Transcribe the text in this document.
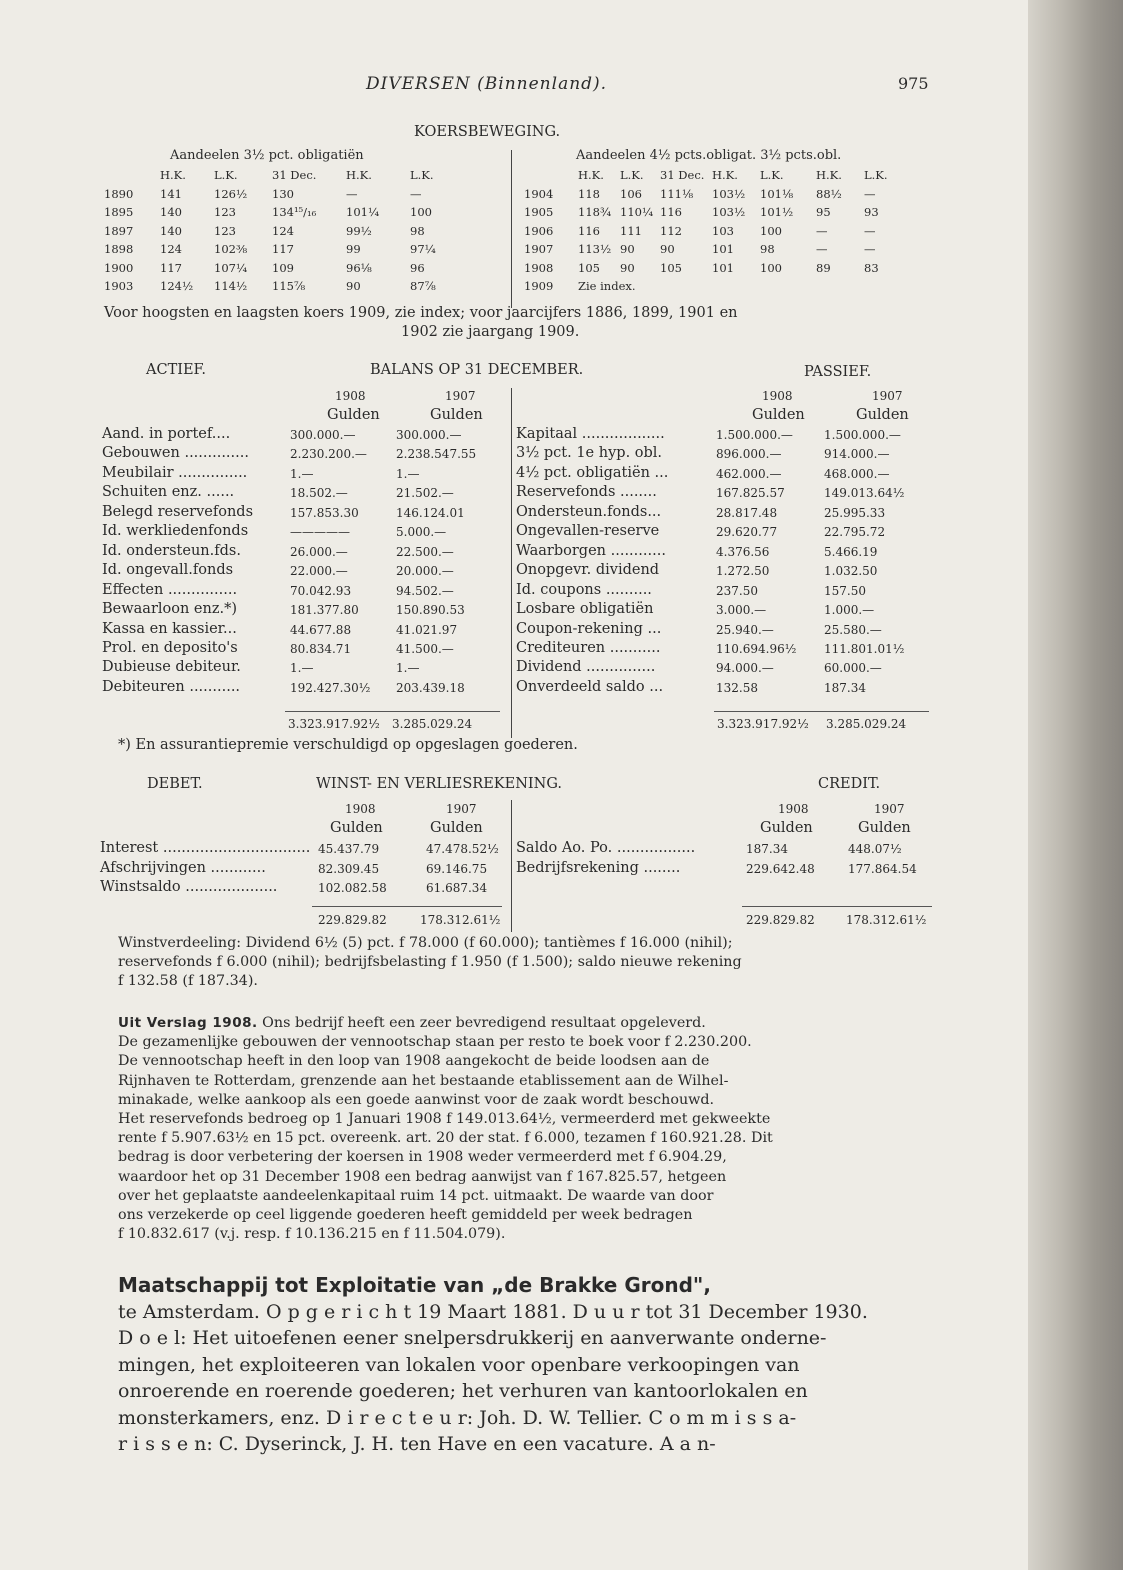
DIVERSEN (Binnenland).	975
KOERSBEWEGING.
Aandeelen 3½ pct. obligatiën	Aandeelen 4½ pcts.obligat. 3½ pcts.obl.
	H.K.	L.K.	31 Dec.	H.K.	L.K.
1890	141	126½	130	—	—
1895	140	123	134¹⁵/₁₆	101¼	100
1897	140	123	124	99½	98
1898	124	102⅜	117	99	97¼
1900	117	107¼	109	96⅛	96
1903	124½	114½	115⅞	90	87⅞
	H.K.	L.K.	31 Dec.	H.K.	L.K.	H.K.	L.K.	
1904	118	106	111⅛	103½	101⅛	88½	—	
1905	118¾	110¼	116	103½	101½	95	93	
1906	116	111	112	103	100	—	—	
1907	113½	90	90	101	98	—	—	
1908	105	90	105	101	100	89	83	
1909	Zie index.							
Voor hoogsten en laagsten koers 1909, zie index; voor jaarcijfers 1886, 1899, 1901 en
1902 zie jaargang 1909.
ACTIEF.	BALANS OP 31 DECEMBER.	PASSIEF.
1908	1907
Gulden	Gulden
1908	1907
Gulden	Gulden
Aand. in portef....	300.000.—	300.000.—
Gebouwen ..............	2.230.200.— 2.238.547.55
Meubilair ...............	1.—	1.—
Schuiten enz. ......	18.502.—	21.502.—
Belegd reservefonds	157.853.30	146.124.01
Id. werkliedenfonds	—————	5.000.—
Id. ondersteun.fds.	26.000.—	22.500.—
Id. ongevall.fonds	22.000.—	20.000.—
Effecten ...............	70.042.93	94.502.—
Bewaarloon enz.*)	181.377.80	150.890.53
Kassa en kassier...	44.677.88	41.021.97
Prol. en deposito's	80.834.71	41.500.—
Dubieuse debiteur.	1.—	1.—
Debiteuren ...........	192.427.30½ 203.439.18
Kapitaal ..................	1.500.000.—	1.500.000.—
3½ pct. 1e hyp. obl.	896.000.—	914.000.—
4½ pct. obligatiën ...	462.000.—	468.000.—
Reservefonds ........	167.825.57	149.013.64½
Ondersteun.fonds...	28.817.48	25.995.33
Ongevallen-reserve	29.620.77	22.795.72
Waarborgen ............	4.376.56	5.466.19
Onopgevr. dividend	1.272.50	1.032.50
Id. coupons ..........	237.50	157.50
Losbare obligatiën	3.000.—	1.000.—
Coupon-rekening ...	25.940.—	25.580.—
Crediteuren ...........	110.694.96½ 111.801.01½
Dividend ...............	94.000.—	60.000.—
Onverdeeld saldo ...	132.58	187.34
3.323.917.92½ 3.285.029.24	3.323.917.92½ 3.285.029.24
*) En assurantiepremie verschuldigd op opgeslagen goederen.
DEBET.	WINST- EN VERLIESREKENING.	CREDIT.
1908	1907
Gulden	Gulden
1908	1907
Gulden	Gulden
Interest ................................ 45.437.79	47.478.52½
Afschrijvingen ............	82.309.45	69.146.75
Winstsaldo ....................	102.082.58	61.687.34
Saldo Ao. Po. .................	187.34	448.07½
Bedrijfsrekening ........	229.642.48	177.864.54
229.829.82	178.312.61½	229.829.82	178.312.61½

Winstverdeeling: Dividend 6½ (5) pct. f 78.000 (f 60.000); tantièmes f 16.000 (nihil);

reservefonds f 6.000 (nihil); bedrijfsbelasting f 1.950 (f 1.500); saldo nieuwe rekening

f 132.58 (f 187.34).

Uit Verslag 1908. Ons bedrijf heeft een zeer bevredigend resultaat opgeleverd.

De gezamenlijke gebouwen der vennootschap staan per resto te boek voor f 2.230.200.

De vennootschap heeft in den loop van 1908 aangekocht de beide loodsen aan de

Rijnhaven te Rotterdam, grenzende aan het bestaande etablissement aan de Wilhel-

minakade, welke aankoop als een goede aanwinst voor de zaak wordt beschouwd.

Het reservefonds bedroeg op 1 Januari 1908 f 149.013.64½, vermeerderd met gekweekte

rente f 5.907.63½ en 15 pct. overeenk. art. 20 der stat. f 6.000, tezamen f 160.921.28. Dit

bedrag is door verbetering der koersen in 1908 weder vermeerderd met f 6.904.29,

waardoor het op 31 December 1908 een bedrag aanwijst van f 167.825.57, hetgeen

over het geplaatste aandeelenkapitaal ruim 14 pct. uitmaakt. De waarde van door

ons verzekerde op ceel liggende goederen heeft gemiddeld per week bedragen

f 10.832.617 (v.j. resp. f 10.136.215 en f 11.504.079).

Maatschappij tot Exploitatie van „de Brakke Grond",
te Amsterdam. O p g e r i c h t 19 Maart 1881. D u u r tot 31 December 1930.
D o e l: Het uitoefenen eener snelpersdrukkerij en aanverwante onderne-
mingen, het exploiteeren van lokalen voor openbare verkoopingen van
onroerende en roerende goederen; het verhuren van kantoorlokalen en
monsterkamers, enz. D i r e c t e u r: Joh. D. W. Tellier. C o m m i s s a-
r i s s e n: C. Dyserinck, J. H. ten Have en een vacature. A a n-
